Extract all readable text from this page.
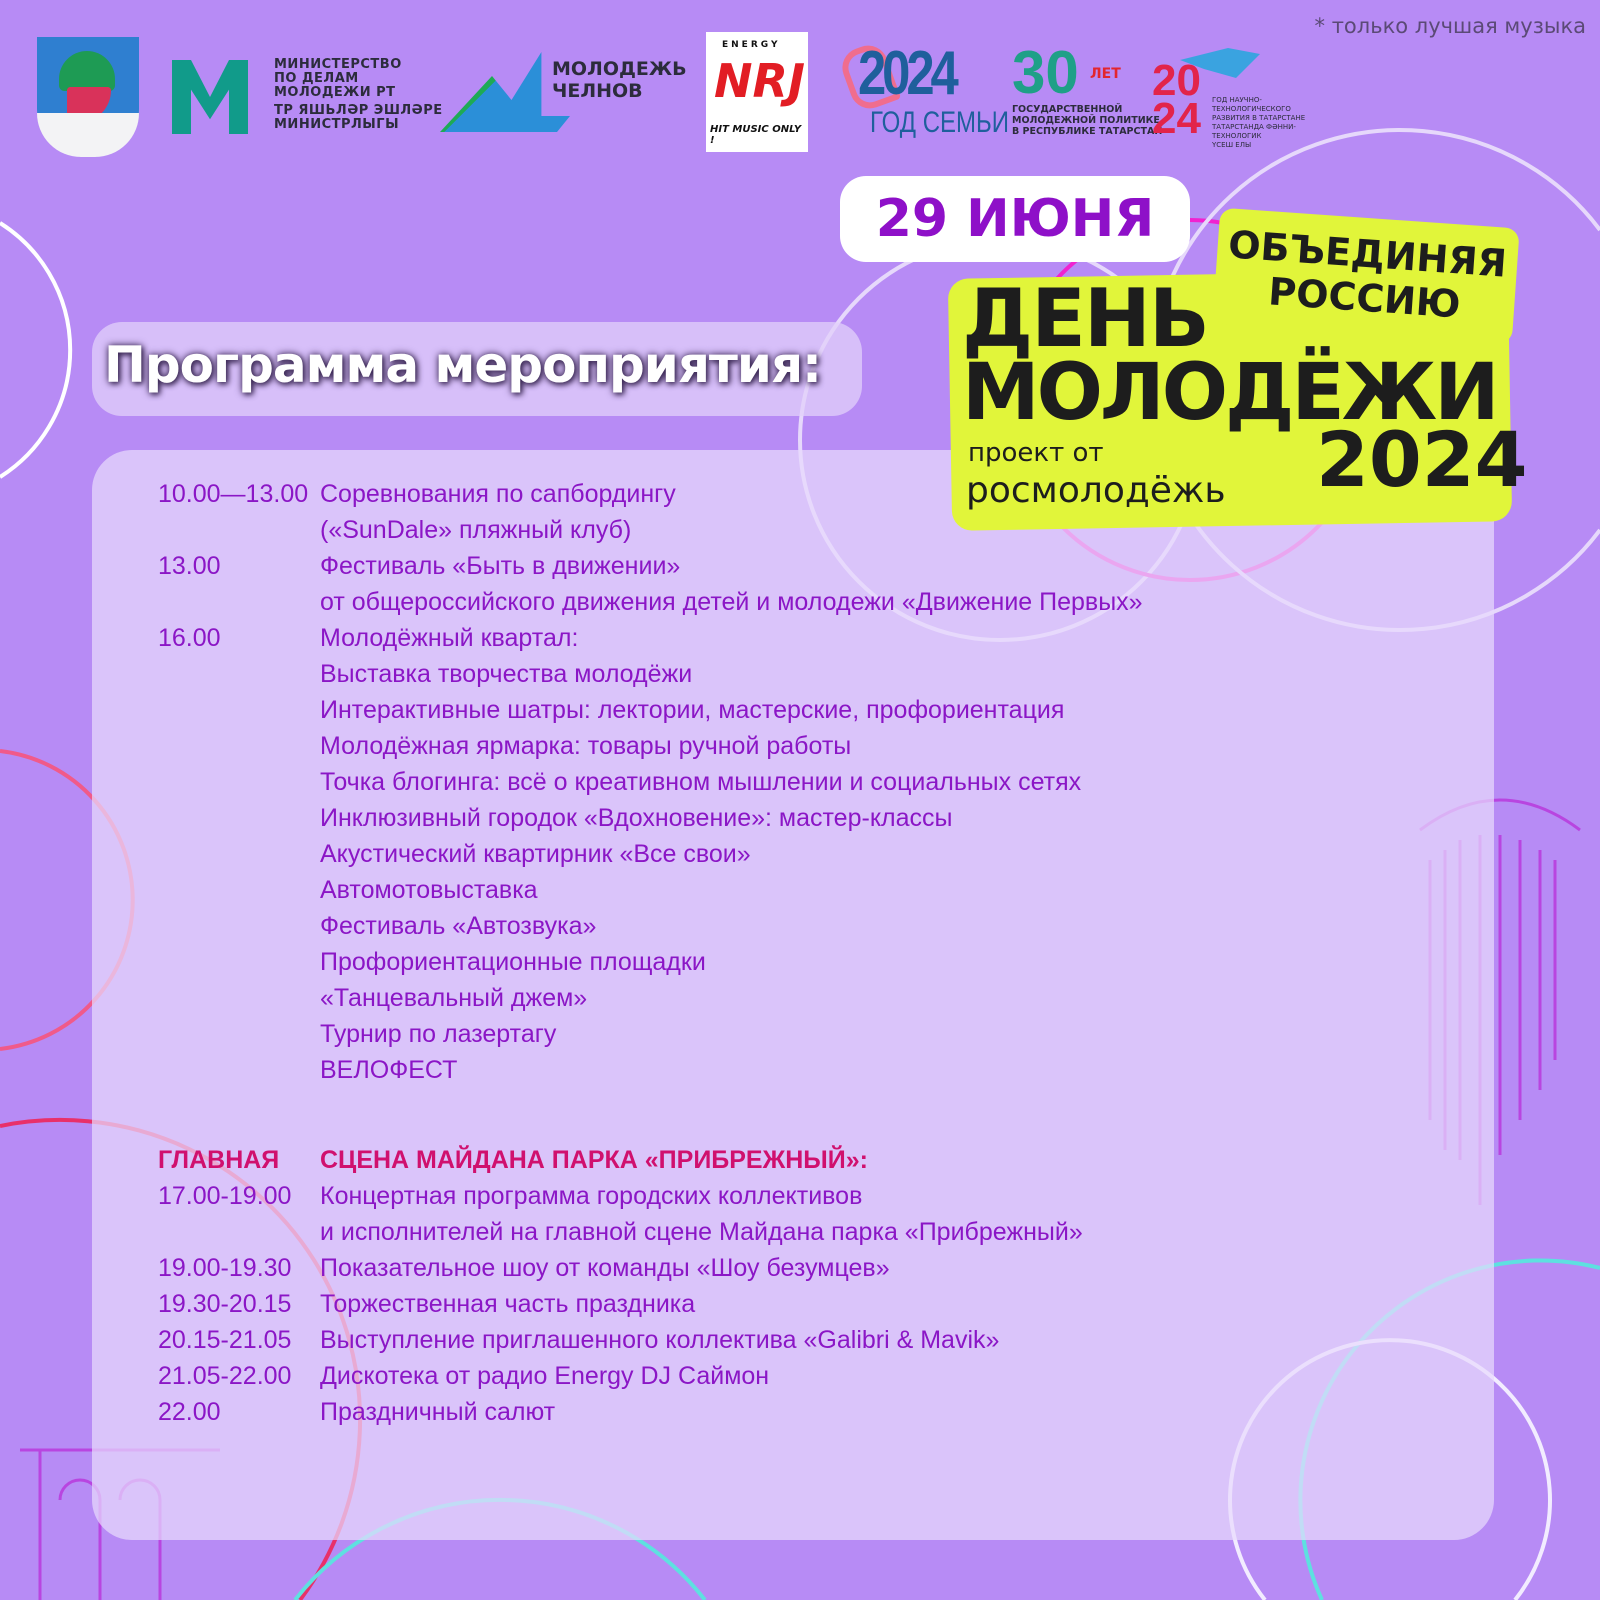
* только лучшая музыка
МИНИСТЕРСТВО
ПО ДЕЛАМ
МОЛОДЕЖИ РТ
ТР ЯШЬЛӘР ЭШЛӘРЕ
МИНИСТРЛЫГЫ
МОЛОДЕЖЬ
ЧЕЛНОВ
ENERGY
NRJ
HIT MUSIC ONLY !
2024
ГОД СЕМЬИ
30 ЛЕТ
ГОСУДАРСТВЕННОЙ
МОЛОДЕЖНОЙ ПОЛИТИКЕ
В РЕСПУБЛИКЕ ТАТАРСТАН
20 24	ГОД НАУЧНО-ТЕХНОЛОГИЧЕСКОГО
РАЗВИТИЯ В ТАТАРСТАНЕ
ТАТАРСТАНДА ФӘННИ-ТЕХНОЛОГИК
ҮСЕШ ЕЛЫ
29 ИЮНЯ
ОБЪЕДИНЯЯ
РОССИЮ
ДЕНЬ
МОЛОДЁЖИ
2024
проект от
росмолодёжь
Программа мероприятия:
10.00—13.00 Соревнования по сапбордингу
(«SunDale» пляжный клуб)
13.00	Фестиваль «Быть в движении»
от общероссийского движения детей и молодежи «Движение Первых»
16.00	Молодёжный квартал:
Выставка творчества молодёжи
Интерактивные шатры: лектории, мастерские, профориентация
Молодёжная ярмарка: товары ручной работы
Точка блогинга: всё о креативном мышлении и социальных сетях
Инклюзивный городок «Вдохновение»: мастер-классы
Акустический квартирник «Все свои»
Автомотовыставка
Фестиваль «Автозвука»
Профориентационные площадки
«Танцевальный джем»
Турнир по лазертагу
ВЕЛОФЕСТ
ГЛАВНАЯ СЦЕНА МАЙДАНА ПАРКА «ПРИБРЕЖНЫЙ»:
17.00-19.00 Концертная программа городских коллективов
и исполнителей на главной сцене Майдана парка «Прибрежный»
19.00-19.30 Показательное шоу от команды «Шоу безумцев»
19.30-20.15 Торжественная часть праздника
20.15-21.05 Выступление приглашенного коллектива «Galibri & Mavik»
21.05-22.00 Дискотека от радио Energy DJ Саймон
22.00	Праздничный салют
